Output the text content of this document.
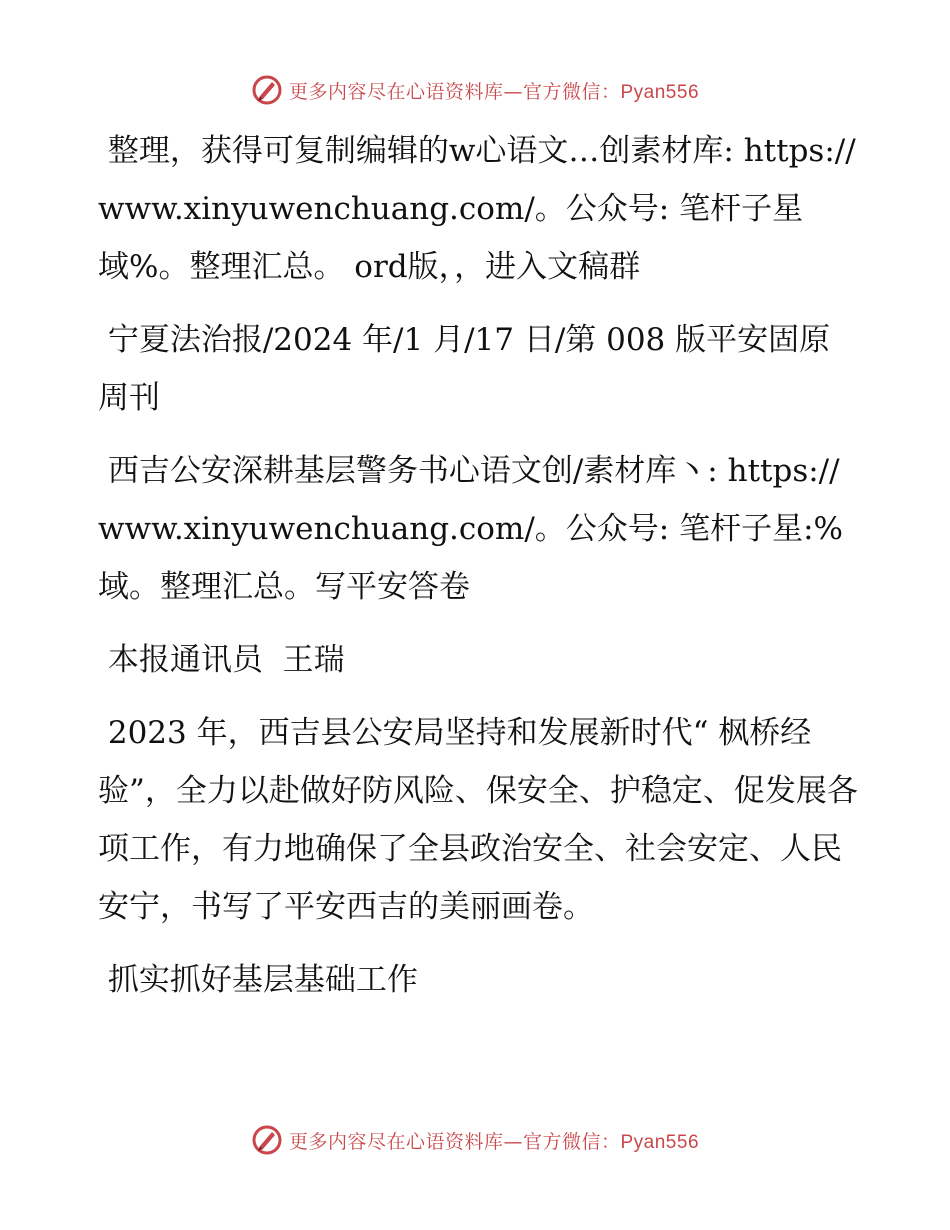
更多内容尽在心语资料库—官方微信：Pyan556

整理，获得可复制编辑的w心语文…创素材库: https://www.xinyuwenchuang.com/。公众号: 笔杆子星域%。整理汇总。 ord版，，进入文稿群

宁夏法治报/2024 年/1 月/17 日/第 008 版平安固原周刊

西吉公安深耕基层警务书心语文创/素材库丶: https://www.xinyuwenchuang.com/。公众号: 笔杆子星:%域。整理汇总。写平安答卷

本报通讯员  王瑞

2023 年，西吉县公安局坚持和发展新时代“ 枫桥经验”，全力以赴做好防风险、保安全、护稳定、促发展各项工作，有力地确保了全县政治安全、社会安定、人民安宁，书写了平安西吉的美丽画卷。

抓实抓好基层基础工作

更多内容尽在心语资料库—官方微信：Pyan556
